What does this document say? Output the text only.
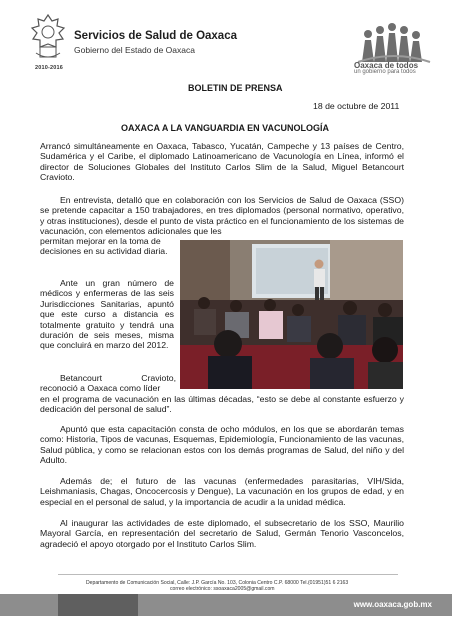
2010-2016
Servicios de Salud de Oaxaca
Gobierno del Estado de Oaxaca
Oaxaca de todos
un gobierno para todos
BOLETIN DE PRENSA
18 de octubre de 2011
OAXACA A LA VANGUARDIA EN VACUNOLOGÍA
Arrancó simultáneamente en Oaxaca, Tabasco, Yucatán, Campeche y 13 países de Centro, Sudamérica y el Caribe, el diplomado Latinoamericano de Vacunología en Línea, informó el director de Soluciones Globales del Instituto Carlos Slim de la Salud, Miguel Betancourt Cravioto.
En entrevista, detalló que en colaboración con los Servicios de Salud de Oaxaca (SSO) se pretende capacitar a 150 trabajadores, en tres diplomados (personal normativo, operativo, y otras instituciones), desde el punto de vista práctico en el funcionamiento de los sistemas de vacunación, con elementos adicionales que les
permitan mejorar en la toma de
decisiones en su actividad diaria.
Ante un gran número de médicos y enfermeras de las seis Jurisdicciones Sanitarias, apuntó que este curso a distancia es totalmente gratuito y tendrá una duración de seis meses, misma que concluirá en marzo del 2012.
Betancourt Cravioto, reconoció a Oaxaca como líder
en el programa de vacunación en las últimas décadas, “esto se debe al constante esfuerzo y dedicación del personal de salud”.
Apuntó que esta capacitación consta de ocho módulos, en los que se abordarán temas como: Historia, Tipos de vacunas, Esquemas, Epidemiología, Funcionamiento de las vacunas, Salud pública, y como se relacionan estos con los demás programas de Salud, del niño y del Adulto.
Además de; el futuro de las vacunas (enfermedades parasitarias, VIH/Sida, Leishmaniasis, Chagas, Oncocercosis y Dengue), La vacunación en los grupos de edad, y en especial en el personal de salud, y la importancia de acudir a la unidad médica.
Al inaugurar las actividades de este diplomado, el subsecretario de los SSO, Maurilio Mayoral García, en representación del secretario de Salud, Germán Tenorio Vasconcelos, agradeció el apoyo otorgado por el Instituto Carlos Slim.
Departamento de Comunicación Social, Calle: J.P. García No. 103, Colonia Centro C.P. 68000 Tel.(01951)51 6 2163
correo electrónico: ssoaxaca2005@gmail.com
www.oaxaca.gob.mx
